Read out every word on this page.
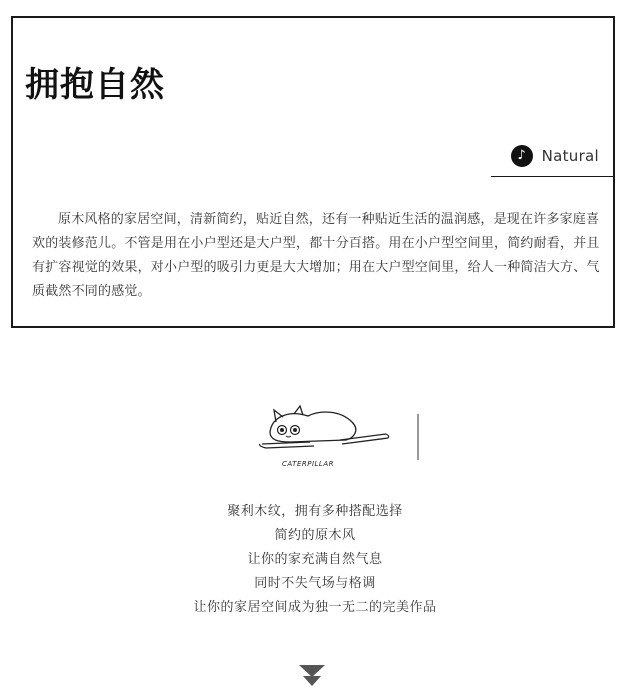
拥抱自然
♪	Natural

原木风格的家居空间，清新简约，贴近自然，还有一种贴近生活的温润感，是现在许多家庭喜欢的装修范儿。不管是用在小户型还是大户型，都十分百搭。用在小户型空间里，简约耐看，并且有扩容视觉的效果，对小户型的吸引力更是大大增加；用在大户型空间里，给人一种简洁大方、气质截然不同的感觉。

CATERPILLAR
聚利木纹，拥有多种搭配选择
简约的原木风
让你的家充满自然气息
同时不失气场与格调
让你的家居空间成为独一无二的完美作品
